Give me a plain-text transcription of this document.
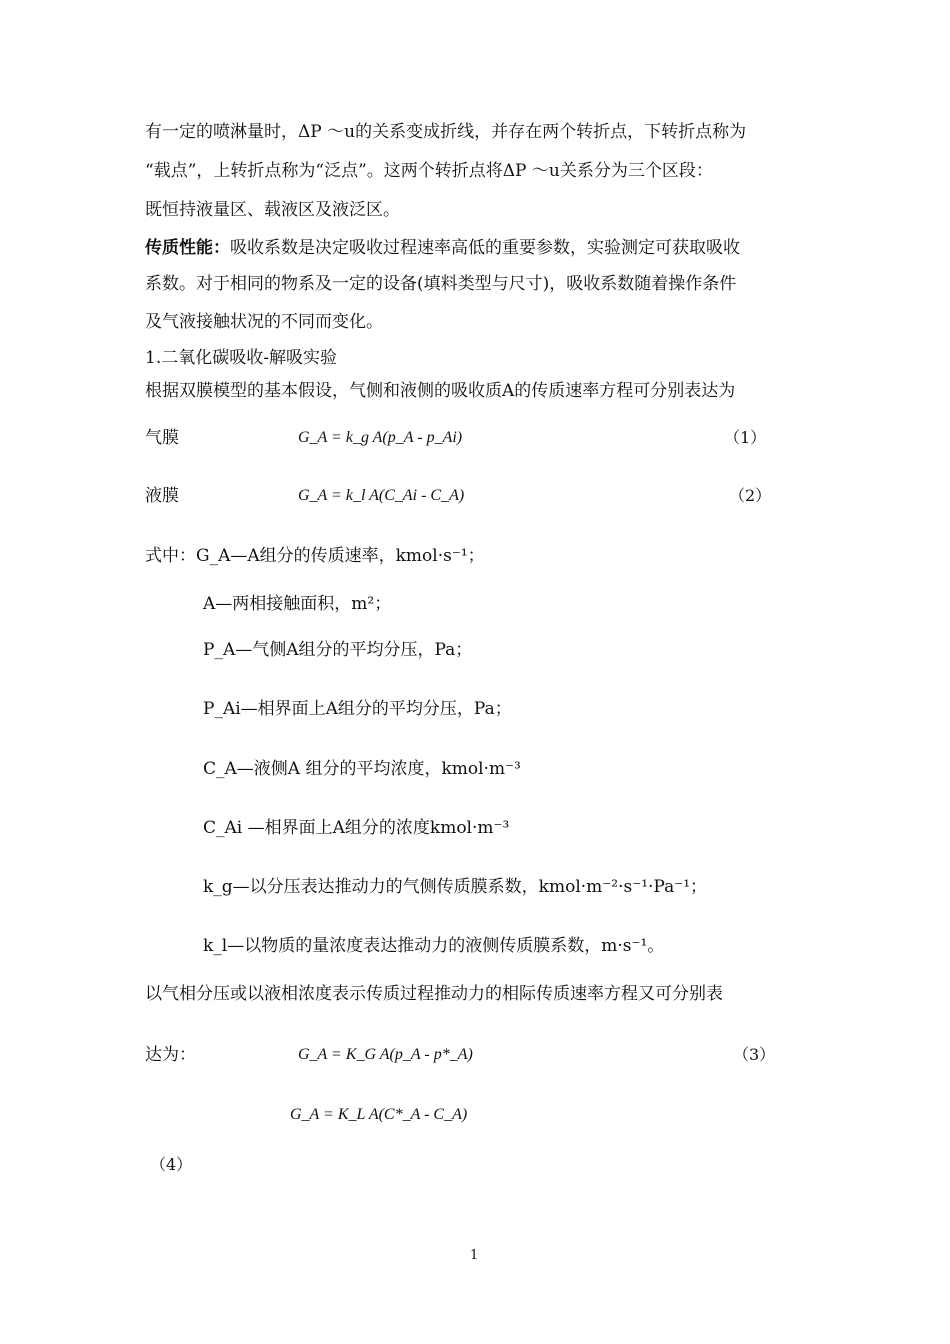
有一定的喷淋量时，ΔP ～u的关系变成折线，并存在两个转折点，下转折点称为
“载点”，上转折点称为“泛点”。这两个转折点将ΔP ～u关系分为三个区段：
既恒持液量区、载液区及液泛区。
传质性能：吸收系数是决定吸收过程速率高低的重要参数，实验测定可获取吸收
系数。对于相同的物系及一定的设备(填料类型与尺寸)，吸收系数随着操作条件
及气液接触状况的不同而变化。
1.二氧化碳吸收-解吸实验
根据双膜模型的基本假设，气侧和液侧的吸收质A的传质速率方程可分别表达为
气膜	G_A = k_g A(p_A - p_Ai)	（1）
液膜	G_A = k_l A(C_Ai - C_A)	（2）
式中：G_A—A组分的传质速率，kmol·s⁻¹；
A—两相接触面积，m²；
P_A—气侧A组分的平均分压，Pa；
P_Ai—相界面上A组分的平均分压，Pa；
C_A—液侧A 组分的平均浓度，kmol·m⁻³
C_Ai —相界面上A组分的浓度kmol·m⁻³
k_g—以分压表达推动力的气侧传质膜系数，kmol·m⁻²·s⁻¹·Pa⁻¹；
k_l—以物质的量浓度表达推动力的液侧传质膜系数，m·s⁻¹。
以气相分压或以液相浓度表示传质过程推动力的相际传质速率方程又可分别表
达为：	G_A = K_G A(p_A - p*_A)	（3）
G_A = K_L A(C*_A - C_A)
（4）
1
